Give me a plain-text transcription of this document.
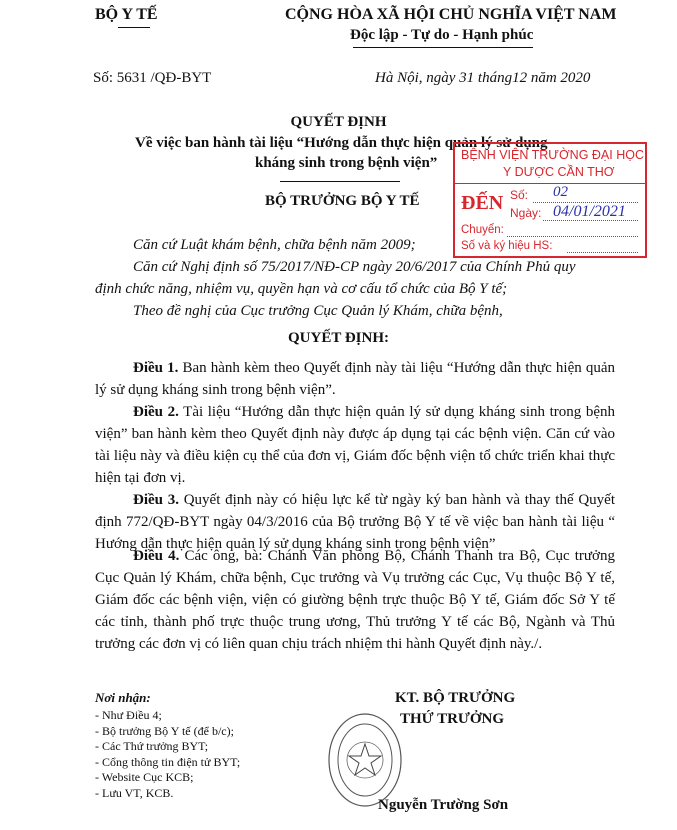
BỘ Y TẾ	CỘNG HÒA XÃ HỘI CHỦ NGHĨA VIỆT NAM
Độc lập - Tự do - Hạnh phúc
Số: 5631 /QĐ-BYT	Hà Nội, ngày 31 tháng12 năm 2020
QUYẾT ĐỊNH
Về việc ban hành tài liệu “Hướng dẫn thực hiện quản lý sử dụng
kháng sinh trong bệnh viện”
BỘ TRƯỞNG BỘ Y TẾ
Căn cứ Luật khám bệnh, chữa bệnh năm 2009;
Căn cứ Nghị định số 75/2017/NĐ-CP ngày 20/6/2017 của Chính Phủ quy
định chức năng, nhiệm vụ, quyền hạn và cơ cấu tổ chức của Bộ Y tế;
Theo đề nghị của Cục trưởng Cục Quản lý Khám, chữa bệnh,
QUYẾT ĐỊNH:
Điều 1. Ban hành kèm theo Quyết định này tài liệu “Hướng dẫn thực hiện quản lý sử dụng kháng sinh trong bệnh viện”.
Điều 2. Tài liệu “Hướng dẫn thực hiện quản lý sử dụng kháng sinh trong bệnh viện” ban hành kèm theo Quyết định này được áp dụng tại các bệnh viện. Căn cứ vào tài liệu này và điều kiện cụ thể của đơn vị, Giám đốc bệnh viện tổ chức triển khai thực hiện tại đơn vị.
Điều 3. Quyết định này có hiệu lực kể từ ngày ký ban hành và thay thế Quyết định 772/QĐ-BYT ngày 04/3/2016 của Bộ trưởng Bộ Y tế về việc ban hành tài liệu “ Hướng dẫn thực hiện quản lý sử dụng kháng sinh trong bệnh viện”
Điều 4. Các ông, bà: Chánh Văn phòng Bộ, Chánh Thanh tra Bộ, Cục trưởng Cục Quản lý Khám, chữa bệnh, Cục trưởng và Vụ trưởng các Cục, Vụ thuộc Bộ Y tế, Giám đốc các bệnh viện, viện có giường bệnh trực thuộc Bộ Y tế, Giám đốc Sở Y tế các tỉnh, thành phố trực thuộc trung ương, Thủ trưởng Y tế các Bộ, Ngành và Thủ trưởng các đơn vị có liên quan chịu trách nhiệm thi hành Quyết định này./.
Nơi nhận:
- Như Điều 4;
- Bộ trưởng Bộ Y tế (để b/c);
- Các Thứ trưởng BYT;
- Cổng thông tin điện tử BYT;
- Website Cục KCB;
- Lưu VT, KCB.
KT. BỘ TRƯỞNG
THỨ TRƯỞNG
Nguyễn Trường Sơn
BỆNH VIỆN TRƯỜNG ĐẠI HỌC
Y DƯỢC CẦN THƠ
ĐẾN Số: 02
Ngày: 04/01/2021
Chuyển:
Số và ký hiệu HS:
